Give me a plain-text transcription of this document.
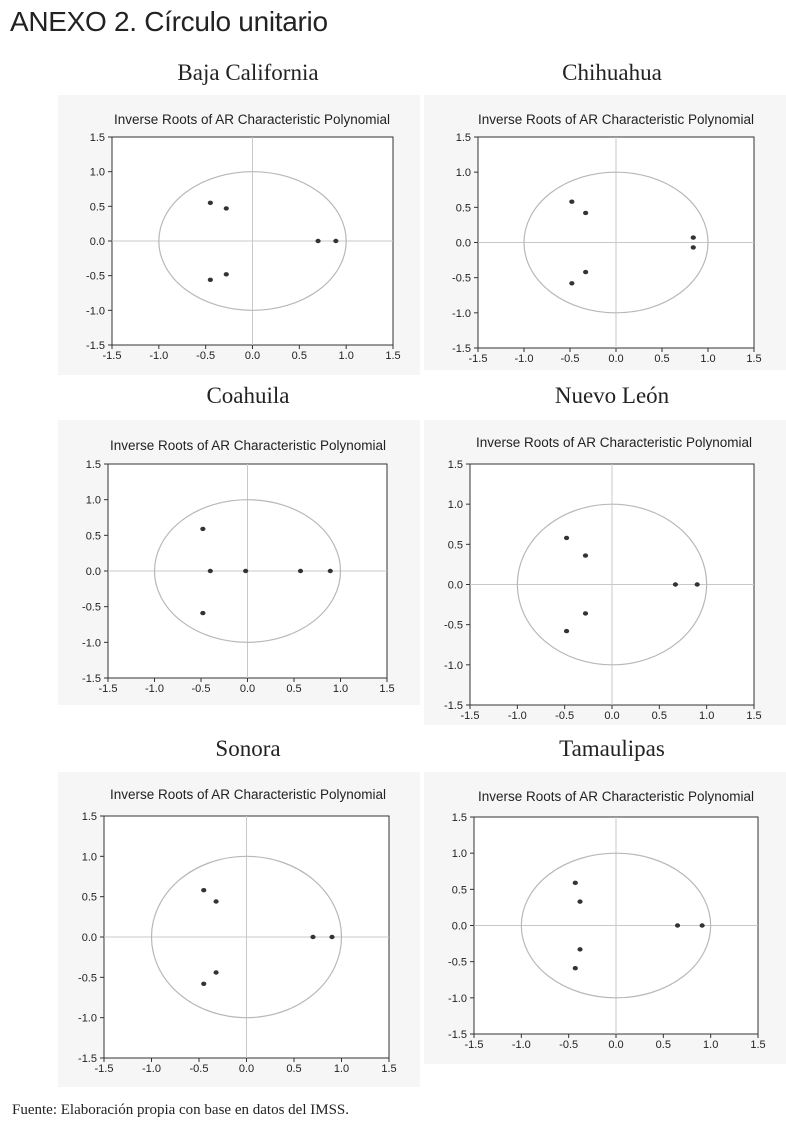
ANEXO 2. Círculo unitario
Baja California
Inverse Roots of AR Characteristic Polynomial
-1.5
-1.5
-1.0
-1.0
-0.5
-0.5
0.0
0.0
0.5
0.5
1.0
1.0
1.5
1.5
Chihuahua
Inverse Roots of AR Characteristic Polynomial
-1.5
-1.5
-1.0
-1.0
-0.5
-0.5
0.0
0.0
0.5
0.5
1.0
1.0
1.5
1.5
Coahuila
Inverse Roots of AR Characteristic Polynomial
-1.5
-1.5
-1.0
-1.0
-0.5
-0.5
0.0
0.0
0.5
0.5
1.0
1.0
1.5
1.5
Nuevo León
Inverse Roots of AR Characteristic Polynomial
-1.5
-1.5
-1.0
-1.0
-0.5
-0.5
0.0
0.0
0.5
0.5
1.0
1.0
1.5
1.5
Sonora
Inverse Roots of AR Characteristic Polynomial
-1.5
-1.5
-1.0
-1.0
-0.5
-0.5
0.0
0.0
0.5
0.5
1.0
1.0
1.5
1.5
Tamaulipas
Inverse Roots of AR Characteristic Polynomial
-1.5
-1.5
-1.0
-1.0
-0.5
-0.5
0.0
0.0
0.5
0.5
1.0
1.0
1.5
1.5
Fuente: Elaboración propia con base en datos del IMSS.
